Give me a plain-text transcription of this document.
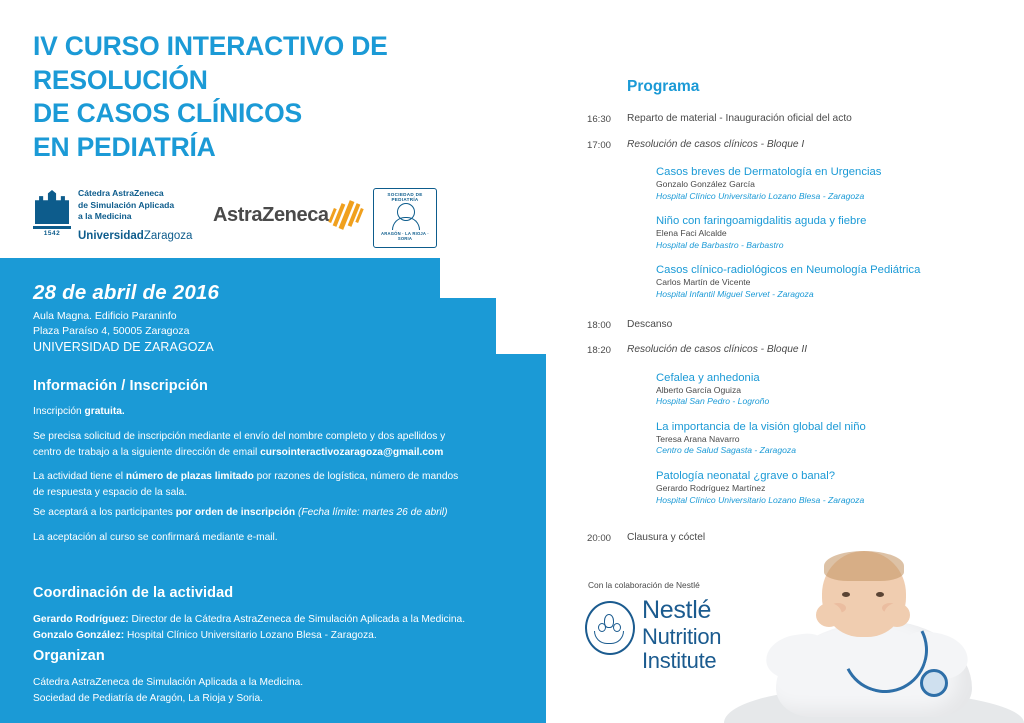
IV CURSO INTERACTIVO DE
RESOLUCIÓN
DE CASOS CLÍNICOS
EN PEDIATRÍA
1542
Cátedra AstraZeneca
de Simulación Aplicada
a la Medicina
UniversidadZaragoza
AstraZeneca
SOCIEDAD DE PEDIATRÍA
ARAGÓN · LA RIOJA · SORIA
28 de abril de 2016
Aula Magna. Edificio Paraninfo
Plaza Paraíso 4, 50005 Zaragoza
UNIVERSIDAD DE ZARAGOZA
Información / Inscripción
Inscripción gratuita.
Se precisa solicitud de inscripción mediante el envío del nombre completo y dos apellidos y
centro de trabajo a la siguiente dirección de email cursointeractivozaragoza@gmail.com
La actividad tiene el número de plazas limitado por razones de logística, número de mandos
de respuesta y espacio de la sala.
Se aceptará a los participantes por orden de inscripción (Fecha límite: martes 26 de abril)
La aceptación al curso se confirmará mediante e-mail.
Coordinación de la actividad
Gerardo Rodríguez: Director de la Cátedra AstraZeneca de Simulación Aplicada a la Medicina.
Gonzalo González: Hospital Clínico Universitario Lozano Blesa - Zaragoza.
Organizan
Cátedra AstraZeneca de Simulación Aplicada a la Medicina.
Sociedad de Pediatría de Aragón, La Rioja y Soria.
Programa
16:30	Reparto de material - Inauguración oficial del acto
17:00	Resolución de casos clínicos - Bloque I
Casos breves de Dermatología en Urgencias
Gonzalo González García
Hospital Clínico Universitario Lozano Blesa - Zaragoza
Niño con faringoamigdalitis aguda y fiebre
Elena Faci Alcalde
Hospital de Barbastro - Barbastro
Casos clínico-radiológicos en Neumología Pediátrica
Carlos Martín de Vicente
Hospital Infantil Miguel Servet - Zaragoza
18:00	Descanso
18:20	Resolución de casos clínicos - Bloque II
Cefalea y anhedonia
Alberto García Oguiza
Hospital San Pedro - Logroño
La importancia de la visión global del niño
Teresa Arana Navarro
Centro de Salud Sagasta - Zaragoza
Patología neonatal ¿grave o banal?
Gerardo Rodríguez Martínez
Hospital Clínico Universitario Lozano Blesa - Zaragoza
20:00	Clausura y cóctel
Con la colaboración de Nestlé
Nestlé
Nutrition
Institute
